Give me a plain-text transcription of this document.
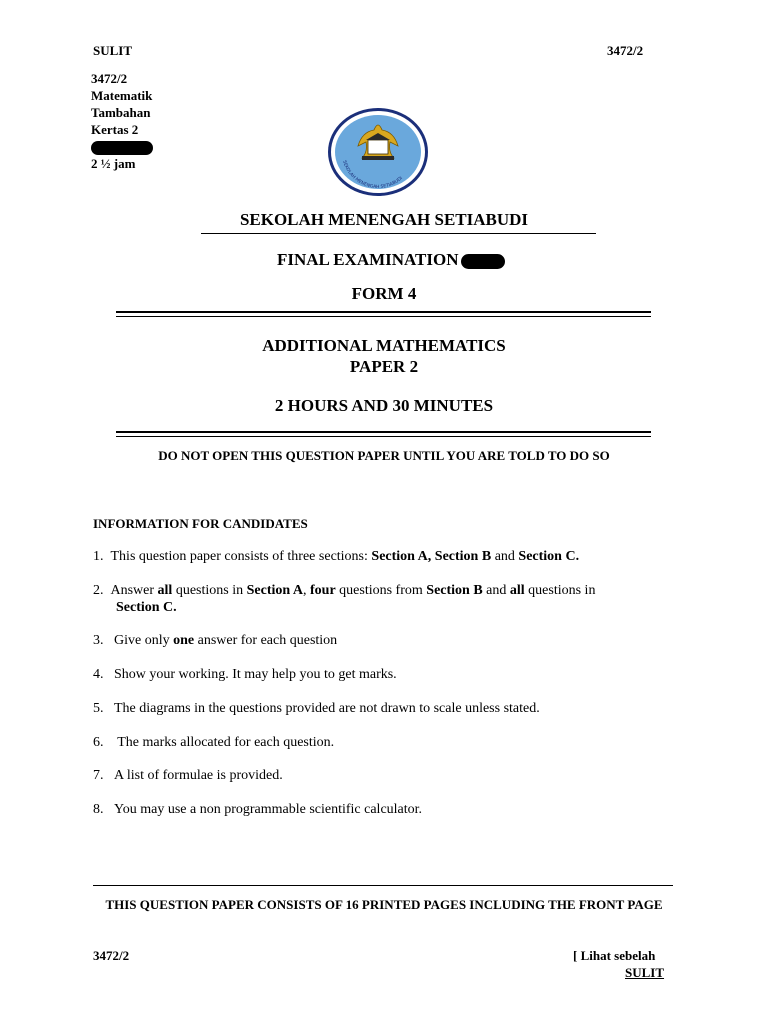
SULIT	3472/2
3472/2
Matematik
Tambahan
Kertas 2
2 ½ jam	SEKOLAH MENENGAH SETIABUDI
SEKOLAH MENENGAH SETIABUDI
FINAL EXAMINATION
FORM 4
ADDITIONAL MATHEMATICS
PAPER 2
2 HOURS AND 30 MINUTES
DO NOT OPEN THIS QUESTION PAPER UNTIL YOU ARE TOLD TO DO SO
INFORMATION FOR CANDIDATES
1. This question paper consists of three sections: Section A, Section B and Section C.
2. Answer all questions in Section A, four questions from Section B and all questions in
Section C.
3. Give only one answer for each question
4. Show your working. It may help you to get marks.
5. The diagrams in the questions provided are not drawn to scale unless stated.
6.    The marks allocated for each question.
7. A list of formulae is provided.
8. You may use a non programmable scientific calculator.
THIS QUESTION PAPER CONSISTS OF 16 PRINTED PAGES INCLUDING THE FRONT PAGE
3472/2	[ Lihat sebelah
SULIT
